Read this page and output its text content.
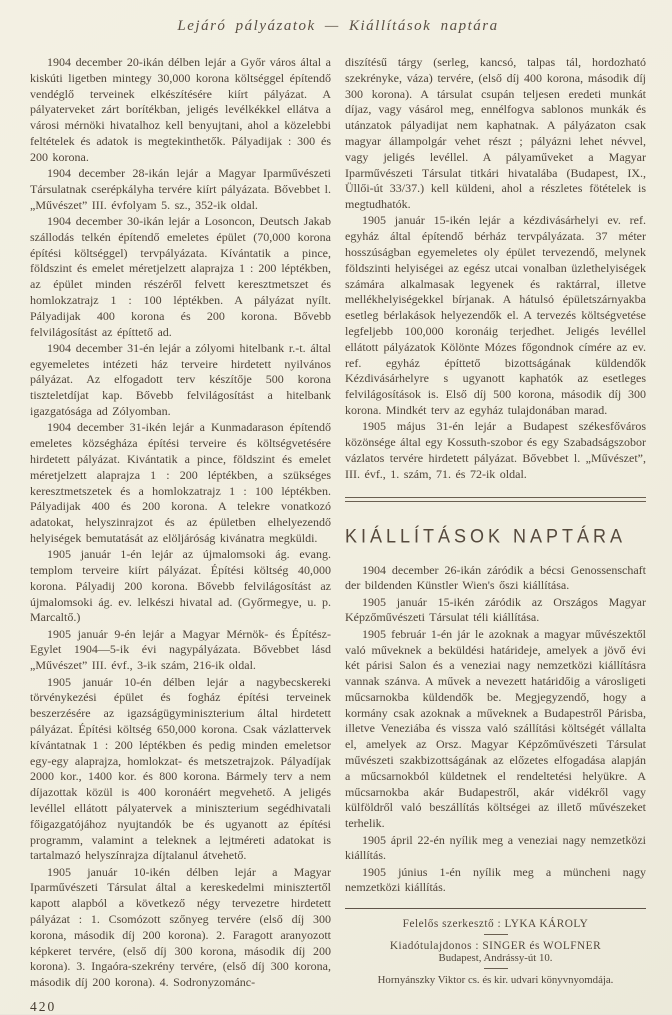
Lejáró pályázatok — Kiállítások naptára

1904 december 20-ikán délben lejár a Győr város által a kiskúti ligetben mintegy 30,000 korona költséggel építendő vendéglő terveinek elkészítésére kiírt pályázat. A pályaterveket zárt borítékban, jeligés levélkékkel ellátva a városi mérnöki hivatalhoz kell benyujtani, ahol a közelebbi feltételek és adatok is megtekinthetők. Pályadijak : 300 és 200 korona.

1904 december 28-ikán lejár a Magyar Iparművészeti Társulatnak cserépkályha tervére kiírt pályázata. Bővebbet l. „Művészet” III. évfolyam 5. sz., 352-ik oldal.

1904 december 30-ikán lejár a Losoncon, Deutsch Jakab szállodás telkén építendő emeletes épület (70,000 korona építési költséggel) tervpályázata. Kívántatik a pince, földszint és emelet méretjelzett alaprajza 1 : 200 léptékben, az épület minden részéről felvett keresztmetszet és homlokzatrajz 1 : 100 léptékben. A pályázat nyílt. Pályadijak 400 korona és 200 korona. Bővebb felvilágosítást az építtető ad.

1904 december 31-én lejár a zólyomi hitelbank r.-t. által egyemeletes intézeti ház terveire hirdetett nyilvános pályázat. Az elfogadott terv készítője 500 korona tiszteletdíjat kap. Bővebb felvilágosítást a hitelbank igazgatósága ad Zólyomban.

1904 december 31-ikén lejár a Kunmadarason építendő emeletes községháza építési terveire és költségvetésére hirdetett pályázat. Kivántatik a pince, földszint és emelet méretjelzett alaprajza 1 : 200 léptékben, a szükséges keresztmetszetek és a homlokzatrajz 1 : 100 léptékben. Pályadijak 400 és 200 korona. A telekre vonatkozó adatokat, helyszinrajzot és az épületben elhelyezendő helyiségek bemutatását az elöljáróság kivánatra megküldi.

1905 január 1-én lejár az újmalomsoki ág. evang. templom terveire kiírt pályázat. Építési költség 40,000 korona. Pályadij 200 korona. Bővebb felvilágosítást az újmalomsoki ág. ev. lelkészi hivatal ad. (Győrmegye, u. p. Marcaltő.)

1905 január 9-én lejár a Magyar Mérnök- és Építész-Egylet 1904—5-ik évi nagypályázata. Bővebbet lásd „Művészet” III. évf., 3-ik szám, 216-ik oldal.

1905 január 10-én délben lejár a nagybecskereki törvénykezési épület és fogház építési terveinek beszerzésére az igazságügyminiszterium által hirdetett pályázat. Építési költség 650,000 korona. Csak vázlattervek kívántatnak 1 : 200 léptékben és pedig minden emeletsor egy-egy alaprajza, homlokzat- és metszetrajzok. Pályadíjak 2000 kor., 1400 kor. és 800 korona. Bármely terv a nem díjazottak közül is 400 koronáért megvehető. A jeligés levéllel ellátott pályatervek a miniszterium segédhivatali főigazgatójához nyujtandók be és ugyanott az építési programm, valamint a teleknek a lejtméreti adatokat is tartalmazó helyszínrajza díjtalanul átvehető.

1905 január 10-ikén délben lejár a Magyar Iparművészeti Társulat által a kereskedelmi minisztertől kapott alapból a következő négy tervezetre hirdetett pályázat : 1. Csomózott szőnyeg tervére (első díj 300 korona, második díj 200 korona). 2. Faragott aranyozott képkeret tervére, (első díj 300 korona, második díj 200 korona). 3. Ingaóra-szekrény tervére, (első díj 300 korona, második díj 200 korona). 4. Sodronyzománc-

420

diszítésű tárgy (serleg, kancsó, talpas tál, hordozható szekrényke, váza) tervére, (első díj 400 korona, második díj 300 korona). A társulat csupán teljesen eredeti munkát díjaz, vagy vásárol meg, ennélfogva sablonos munkák és utánzatok pályadijat nem kaphatnak. A pályázaton csak magyar állampolgár vehet részt ; pályázni lehet névvel, vagy jeligés levéllel. A pályaműveket a Magyar Iparművészeti Társulat titkári hivatalába (Budapest, IX., Üllői-út 33/37.) kell küldeni, ahol a részletes fötételek is megtudhatók.

1905 január 15-ikén lejár a kézdivásárhelyi ev. ref. egyház által építendő bérház tervpályázata. 37 méter hosszúságban egyemeletes oly épület tervezendő, melynek földszinti helyiségei az egész utcai vonalban üzlethelyiségek számára alkalmasak legyenek és raktárral, illetve mellékhelyiségekkel bírjanak. A hátulsó épületszárnyakba esetleg bérlakások helyezendők el. A tervezés költségvetése legfeljebb 100,000 koronáig terjedhet. Jeligés levéllel ellátott pályázatok Kölönte Mózes főgondnok címére az ev. ref. egyház építtető bizottságának küldendők Kézdivásárhelyre s ugyanott kaphatók az esetleges felvilágosítások is. Első díj 500 korona, második díj 300 korona. Mindkét terv az egyház tulajdonában marad.

1905 május 31-én lejár a Budapest székesfőváros közönsége által egy Kossuth-szobor és egy Szabadságszobor vázlatos tervére hirdetett pályázat. Bővebbet l. „Művészet”, III. évf., 1. szám, 71. és 72-ik oldal.

KIÁLLÍTÁSOK NAPTÁRA

1904 december 26-ikán záródik a bécsi Genossenschaft der bildenden Künstler Wien's őszi kiállítása.

1905 január 15-ikén záródik az Országos Magyar Képzőművészeti Társulat téli kiállítása.

1905 február 1-én jár le azoknak a magyar művészektől való műveknek a beküldési határideje, amelyek a jövő évi két párisi Salon és a veneziai nagy nemzetközi kiállításra vannak szánva. A művek a nevezett határidőig a városligeti műcsarnokba küldendők be. Megjegyzendő, hogy a kormány csak azoknak a műveknek a Budapestről Párisba, illetve Veneziába és vissza való szállítási költségét vállalta el, amelyek az Orsz. Magyar Képzőművészeti Társulat művészeti szakbizottságának az előzetes elfogadása alapján a műcsarnokból küldetnek el rendeltetési helyükre. A műcsarnokba akár Budapestről, akár vidékről vagy külföldről való beszállítás költségei az illető művészeket terhelik.

1905 ápril 22-én nyílik meg a veneziai nagy nemzetközi kiállítás.

1905 június 1-én nyílik meg a müncheni nagy nemzetközi kiállítás.

Felelős szerkesztő : LYKA KÁROLY
Kiadótulajdonos : SINGER és WOLFNER
Budapest, Andrássy-út 10.
Hornyánszky Viktor cs. és kir. udvari könyvnyomdája.
